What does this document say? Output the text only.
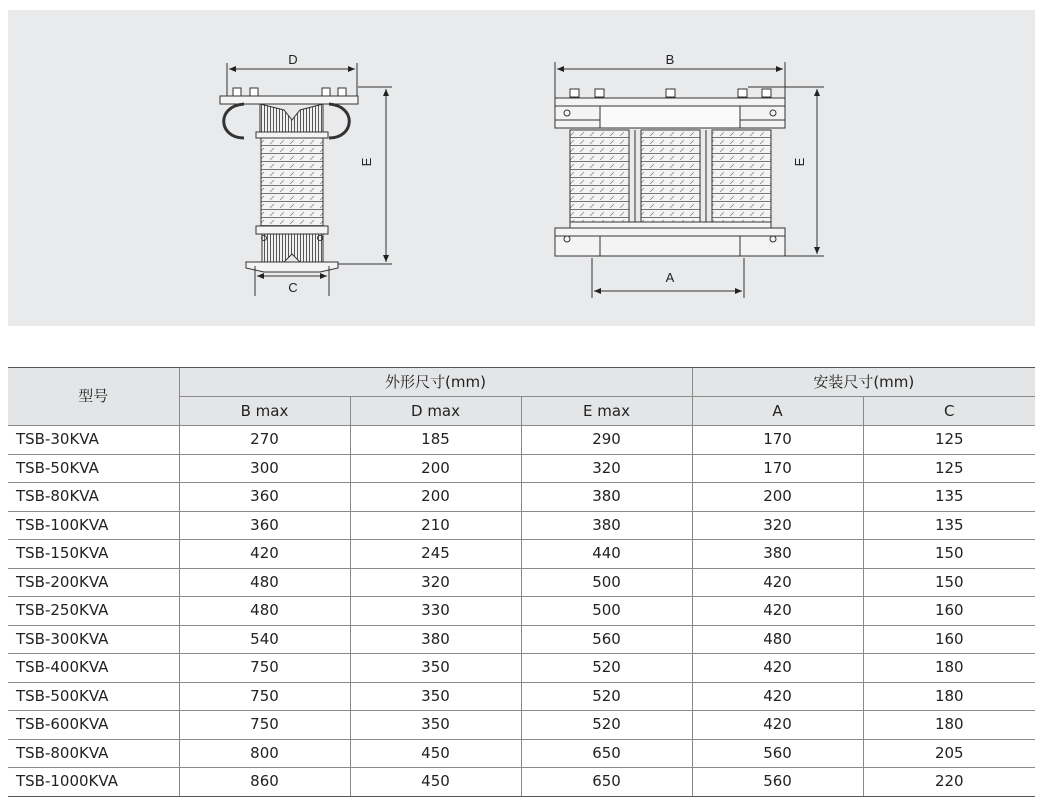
D
E
C
B
E
A
型号	外形尺寸(mm)			安装尺寸(mm)	
	B max	D max	E max	A	C
TSB-30KVA	270	185	290	170	125
TSB-50KVA	300	200	320	170	125
TSB-80KVA	360	200	380	200	135
TSB-100KVA	360	210	380	320	135
TSB-150KVA	420	245	440	380	150
TSB-200KVA	480	320	500	420	150
TSB-250KVA	480	330	500	420	160
TSB-300KVA	540	380	560	480	160
TSB-400KVA	750	350	520	420	180
TSB-500KVA	750	350	520	420	180
TSB-600KVA	750	350	520	420	180
TSB-800KVA	800	450	650	560	205
TSB-1000KVA	860	450	650	560	220
